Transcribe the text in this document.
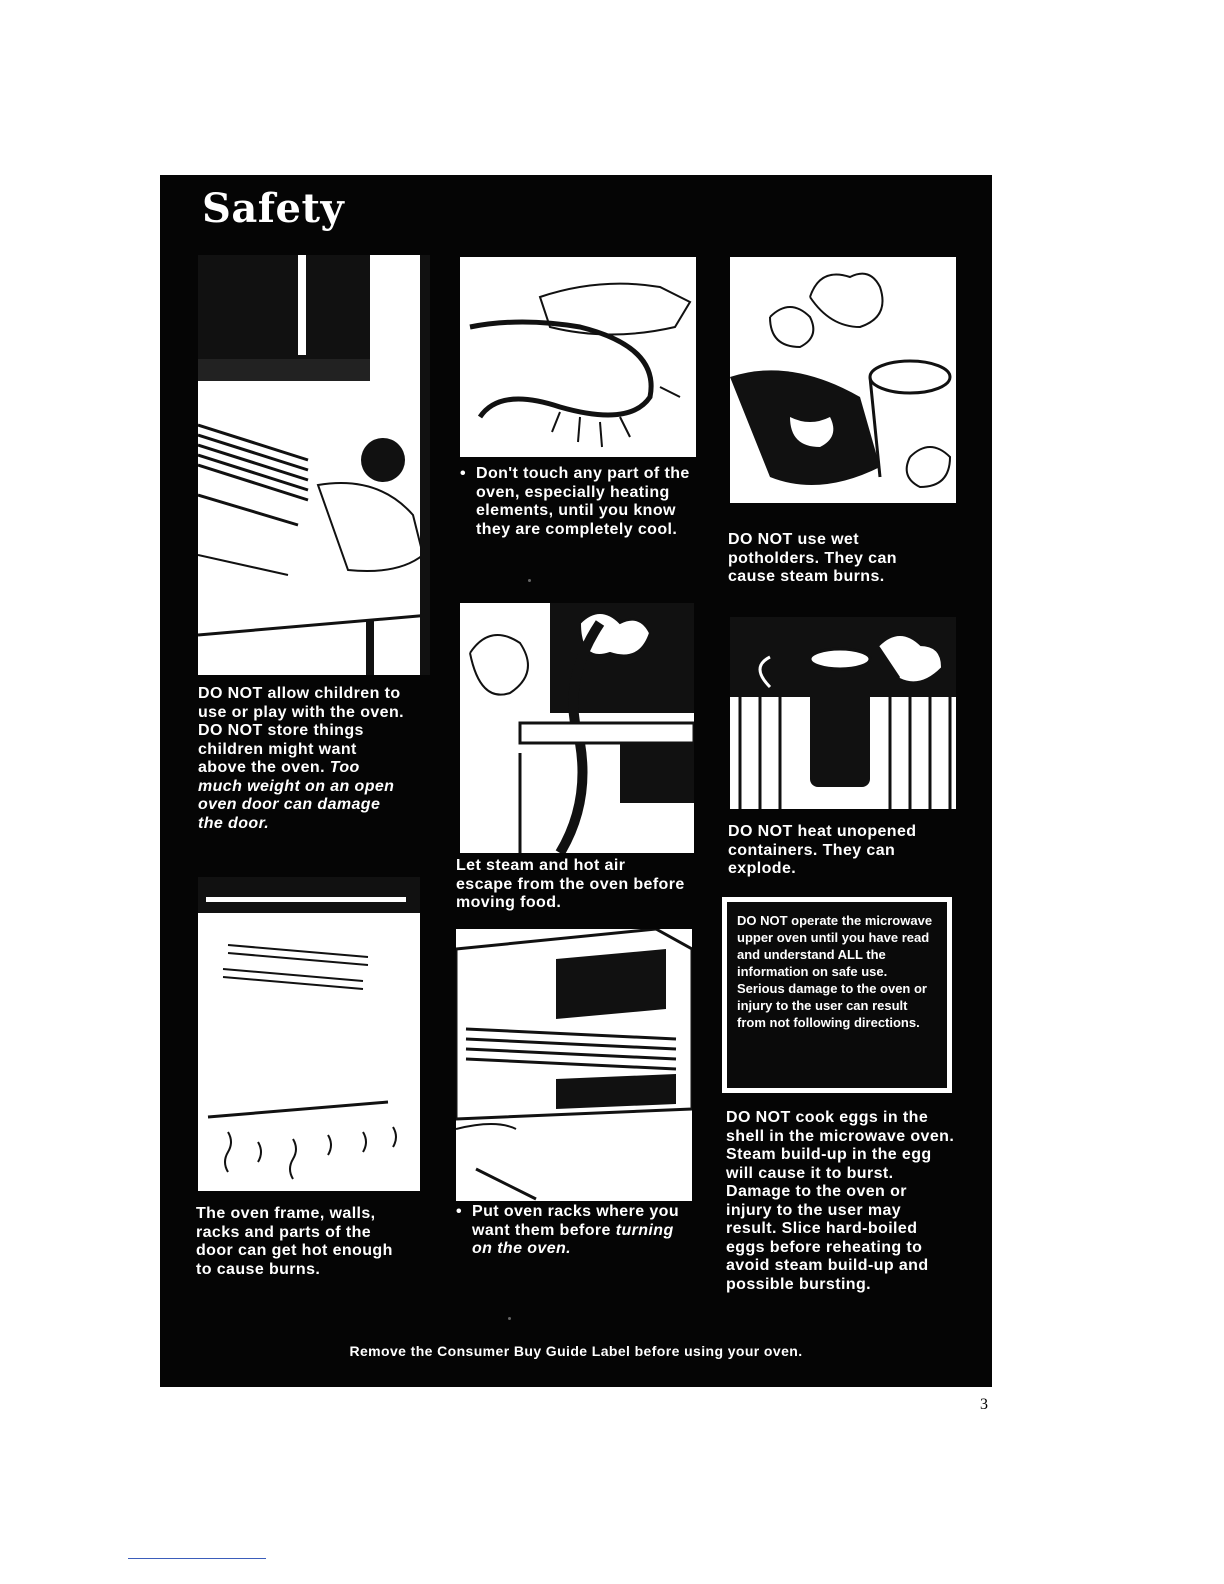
Safety

DO NOT allow children to use or play with the oven.

DO NOT store things children might want above the oven. Too much weight on an open oven door can damage the door.

The oven frame, walls, racks and parts of the door can get hot enough to cause burns.
• Don't touch any part of the oven, especially heating elements, until you know they are completely cool.
Let steam and hot air escape from the oven before moving food.
• Put oven racks where you want them before turning on the oven.
DO NOT use wet potholders. They can cause steam burns.
DO NOT heat unopened containers. They can explode.
DO NOT operate the microwave upper oven until you have read and understand ALL the information on safe use. Serious damage to the oven or injury to the user can result from not following directions.
DO NOT cook eggs in the shell in the microwave oven. Steam build-up in the egg will cause it to burst. Damage to the oven or injury to the user may result. Slice hard-boiled eggs before reheating to avoid steam build-up and possible bursting.
Remove the Consumer Buy Guide Label before using your oven.
3
